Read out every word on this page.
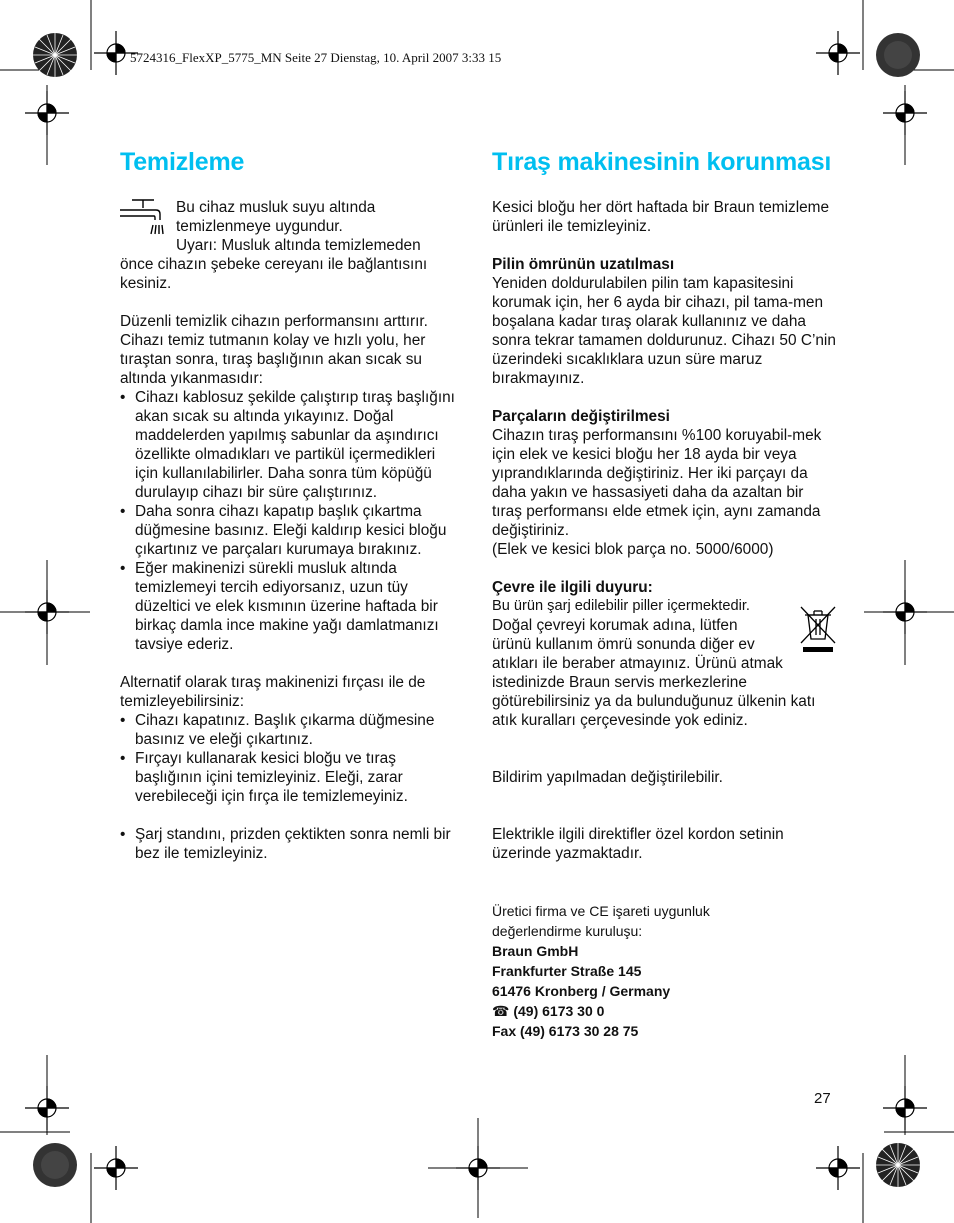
5724316_FlexXP_5775_MN Seite 27 Dienstag, 10. April 2007 3:33 15
Temizleme

Bu cihaz musluk suyu altında

temizlenmeye uygundur.

Uyarı: Musluk altında temizlemeden

önce cihazın şebeke cereyanı ile bağlantısını kesiniz.

Düzenli temizlik cihazın performansını arttırır. Cihazı temiz tutmanın kolay ve hızlı yolu, her tıraştan sonra, tıraş başlığının akan sıcak su altında yıkanmasıdır:

• Cihazı kablosuz şekilde çalıştırıp tıraş başlığını akan sıcak su altında yıkayınız. Doğal maddelerden yapılmış sabunlar da aşındırıcı özellikte olmadıkları ve partikül içermedikleri için kullanılabilirler. Daha sonra tüm köpüğü durulayıp cihazı bir süre çalıştırınız.
• Daha sonra cihazı kapatıp başlık çıkartma düğmesine basınız. Eleği kaldırıp kesici bloğu çıkartınız ve parçaları kurumaya bırakınız.
• Eğer makinenizi sürekli musluk altında temizlemeyi tercih ediyorsanız, uzun tüy düzeltici ve elek kısmının üzerine haftada bir birkaç damla ince makine yağı damlatmanızı tavsiye ederiz.

Alternatif olarak tıraş makinenizi fırçası ile de temizleyebilirsiniz:

• Cihazı kapatınız. Başlık çıkarma düğmesine basınız ve eleği çıkartınız.
• Fırçayı kullanarak kesici bloğu ve tıraş başlığının içini temizleyiniz. Eleği, zarar verebileceği için fırça ile temizlemeyiniz.
• Şarj standını, prizden çektikten sonra nemli bir bez ile temizleyiniz.
Tıraş makinesinin korunması

Kesici bloğu her dört haftada bir Braun temizleme ürünleri ile temizleyiniz.

Pilin ömrünün uzatılması

Yeniden doldurulabilen pilin tam kapasitesini korumak için, her 6 ayda bir cihazı, pil tama-men boşalana kadar tıraş olarak kullanınız ve daha sonra tekrar tamamen doldurunuz. Cihazı 50 C’nin üzerindeki sıcaklıklara uzun süre maruz bırakmayınız.

Parçaların değiştirilmesi

Cihazın tıraş performansını %100 koruyabil-mek için elek ve kesici bloğu her 18 ayda bir veya yıprandıklarında değiştiriniz. Her iki parçayı da daha yakın ve hassasiyeti daha da azaltan bir tıraş performansı elde etmek için, aynı zamanda değiştiriniz.

(Elek ve kesici blok parça no. 5000/6000)

Çevre ile ilgili duyuru:

Bu ürün şarj edilebilir piller içermektedir.

Doğal çevreyi korumak adına, lütfen

ürünü kullanım ömrü sonunda diğer ev

atıkları ile beraber atmayınız. Ürünü atmak istedinizde Braun servis merkezlerine götürebilirsiniz ya da bulunduğunuz ülkenin katı atık kuralları çerçevesinde yok ediniz.

Bildirim yapılmadan değiştirilebilir.

Elektrikle ilgili direktifler özel kordon setinin üzerinde yazmaktadır.

Üretici firma ve CE işareti uygunluk

değerlendirme kuruluşu:

Braun GmbH

Frankfurter Straße 145

61476 Kronberg / Germany

☎ (49) 6173 30 0

Fax (49) 6173 30 28 75

27
